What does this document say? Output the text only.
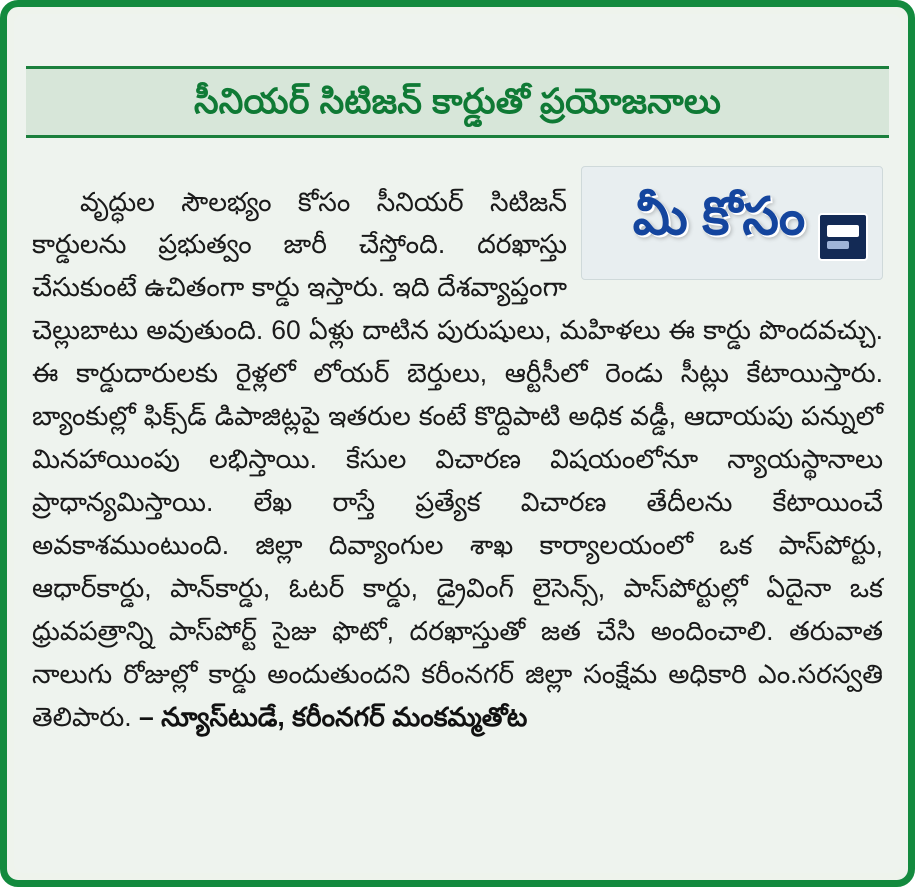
సీనియర్ సిటిజన్ కార్డుతో ప్రయోజనాలు
మీ కోసం

వృద్ధుల సౌలభ్యం కోసం సీనియర్ సిటిజన్ కార్డులను ప్రభుత్వం జారీ చేస్తోంది. దరఖాస్తు చేసుకుంటే ఉచితంగా కార్డు ఇస్తారు. ఇది దేశవ్యాప్తంగా చెల్లుబాటు అవుతుంది. 60 ఏళ్లు దాటిన పురుషులు, మహిళలు ఈ కార్డు పొందవచ్చు. ఈ కార్డుదారులకు రైళ్లలో లోయర్ బెర్తులు, ఆర్టీసీలో రెండు సీట్లు కేటాయిస్తారు. బ్యాంకుల్లో ఫిక్స్‌డ్ డిపాజిట్లపై ఇతరుల కంటే కొద్దిపాటి అధిక వడ్డీ, ఆదాయపు పన్నులో మినహాయింపు లభిస్తాయి. కేసుల విచారణ విషయంలోనూ న్యాయస్థానాలు ప్రాధాన్యమిస్తాయి. లేఖ రాస్తే ప్రత్యేక విచారణ తేదీలను కేటాయించే అవకాశముంటుంది. జిల్లా దివ్యాంగుల శాఖ కార్యాలయంలో ఒక పాస్‌పోర్టు, ఆధార్‌కార్డు, పాన్‌కార్డు, ఓటర్ కార్డు, డ్రైవింగ్ లైసెన్స్, పాస్‌పోర్టుల్లో ఏదైనా ఒక ధ్రువపత్రాన్ని పాస్‌పోర్ట్ సైజు ఫొటో, దరఖాస్తుతో జత చేసి అందించాలి. తరువాత నాలుగు రోజుల్లో కార్డు అందుతుందని కరీంనగర్ జిల్లా సంక్షేమ అధికారి ఎం.సరస్వతి తెలిపారు. – న్యూస్‌టుడే, కరీంనగర్ మంకమ్మతోట
